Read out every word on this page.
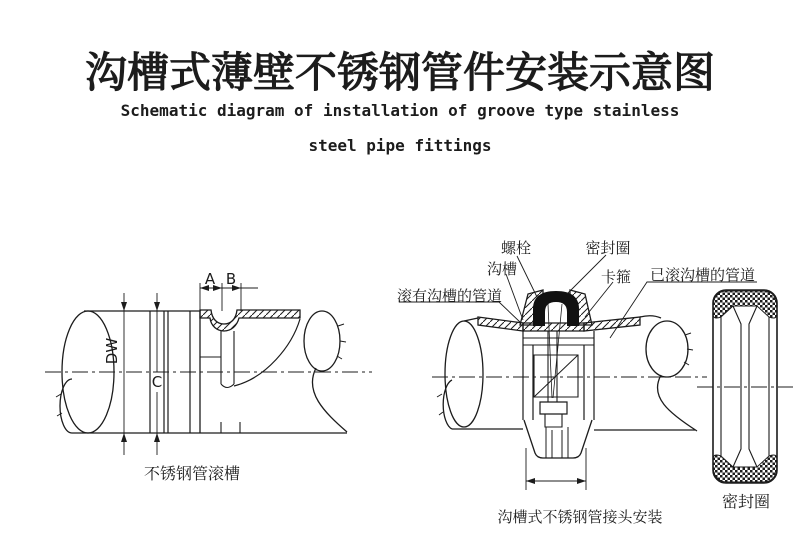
沟槽式薄壁不锈钢管件安装示意图
Schematic diagram of installation of groove type stainless
steel pipe fittings
A B
DW
C
不锈钢管滚槽
螺栓	密封圈
沟槽	卡箍
滚有沟槽的管道
已滚沟槽的管道
沟槽式不锈钢管接头安装
密封圈
